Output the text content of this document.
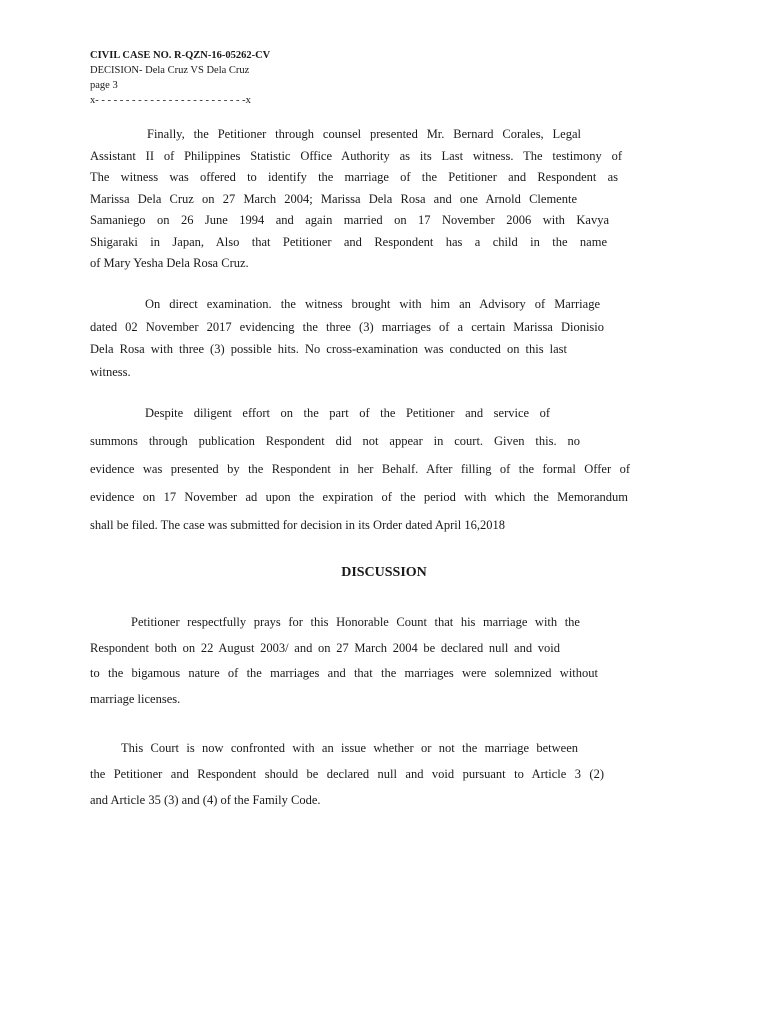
CIVIL CASE NO. R-QZN-16-05262-CV
DECISION- Dela Cruz VS Dela Cruz
page 3
x- - - - - - - - - - - - - - - - - - - - - - - - -x
Finally, the Petitioner through counsel presented Mr. Bernard Corales, Legal
Assistant II of Philippines Statistic Office Authority as its Last witness. The testimony of
The witness was offered to identify the marriage of the Petitioner and Respondent as
Marissa Dela Cruz on 27 March 2004; Marissa Dela Rosa and one Arnold Clemente
Samaniego on 26 June 1994 and again married on 17 November 2006 with Kavya
Shigaraki in Japan, Also that Petitioner and Respondent has a child in the name
of Mary Yesha Dela Rosa Cruz.
On direct examination. the witness brought with him an Advisory of Marriage
dated 02 November 2017 evidencing the three (3) marriages of a certain Marissa Dionisio
Dela Rosa with three (3) possible hits. No cross-examination was conducted on this last
witness.
Despite diligent effort on the part of the Petitioner and service of
summons through publication Respondent did not appear in court. Given this. no
evidence was presented by the Respondent in her Behalf. After filling of the formal Offer of
evidence on 17 November ad upon the expiration of the period with which the Memorandum
shall be filed. The case was submitted for decision in its Order dated April 16,2018
DISCUSSION
Petitioner respectfully prays for this Honorable Count that his marriage with the
Respondent both on 22 August 2003/ and on 27 March 2004 be declared null and void
to the bigamous nature of the marriages and that the marriages were solemnized without
marriage licenses.
This Court is now confronted with an issue whether or not the marriage between
the Petitioner and Respondent should be declared null and void pursuant to Article 3 (2)
and Article 35 (3) and (4) of the Family Code.
